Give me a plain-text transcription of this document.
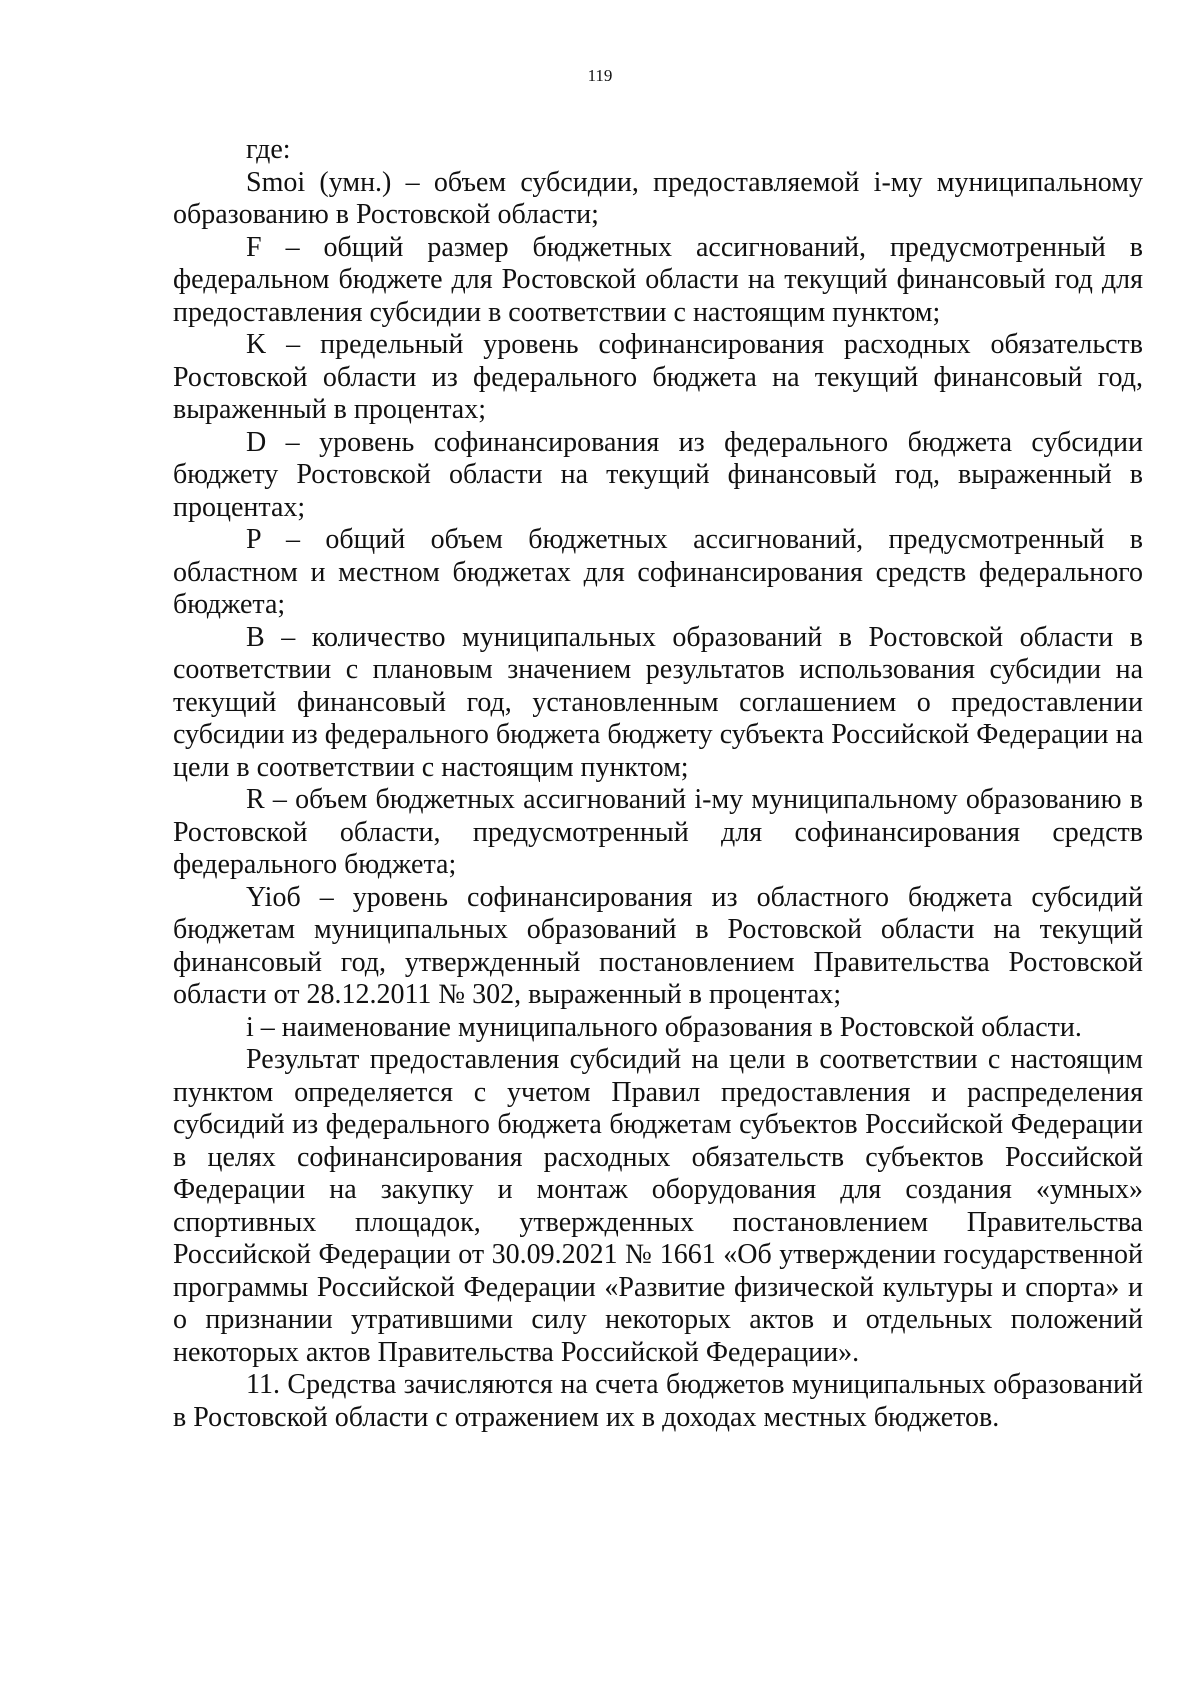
119

где:

Smoi (умн.) – объем субсидии, предоставляемой i-му муниципальному образованию в Ростовской области;

F – общий размер бюджетных ассигнований, предусмотренный в федеральном бюджете для Ростовской области на текущий финансовый год для предоставления субсидии в соответствии с настоящим пунктом;

K – предельный уровень софинансирования расходных обязательств Ростовской области из федерального бюджета на текущий финансовый год, выраженный в процентах;

D – уровень софинансирования из федерального бюджета субсидии бюджету Ростовской области на текущий финансовый год, выраженный в процентах;

P – общий объем бюджетных ассигнований, предусмотренный в областном и местном бюджетах для софинансирования средств федерального бюджета;

B – количество муниципальных образований в Ростовской области в соответствии с плановым значением результатов использования субсидии на текущий финансовый год, установленным соглашением о предоставлении субсидии из федерального бюджета бюджету субъекта Российской Федерации на цели в соответствии с настоящим пунктом;

R – объем бюджетных ассигнований i-му муниципальному образованию в Ростовской области, предусмотренный для софинансирования средств федерального бюджета;

Yioб – уровень софинансирования из областного бюджета субсидий бюджетам муниципальных образований в Ростовской области на текущий финансовый год, утвержденный постановлением Правительства Ростовской области от 28.12.2011 № 302, выраженный в процентах;

i – наименование муниципального образования в Ростовской области.

Результат предоставления субсидий на цели в соответствии с настоящим пунктом определяется с учетом Правил предоставления и распределения субсидий из федерального бюджета бюджетам субъектов Российской Федерации в целях софинансирования расходных обязательств субъектов Российской Федерации на закупку и монтаж оборудования для создания «умных» спортивных площадок, утвержденных постановлением Правительства Российской Федерации от 30.09.2021 № 1661 «Об утверждении государственной программы Российской Федерации «Развитие физической культуры и спорта» и о признании утратившими силу некоторых актов и отдельных положений некоторых актов Правительства Российской Федерации».

11. Средства зачисляются на счета бюджетов муниципальных образований в Ростовской области с отражением их в доходах местных бюджетов.
